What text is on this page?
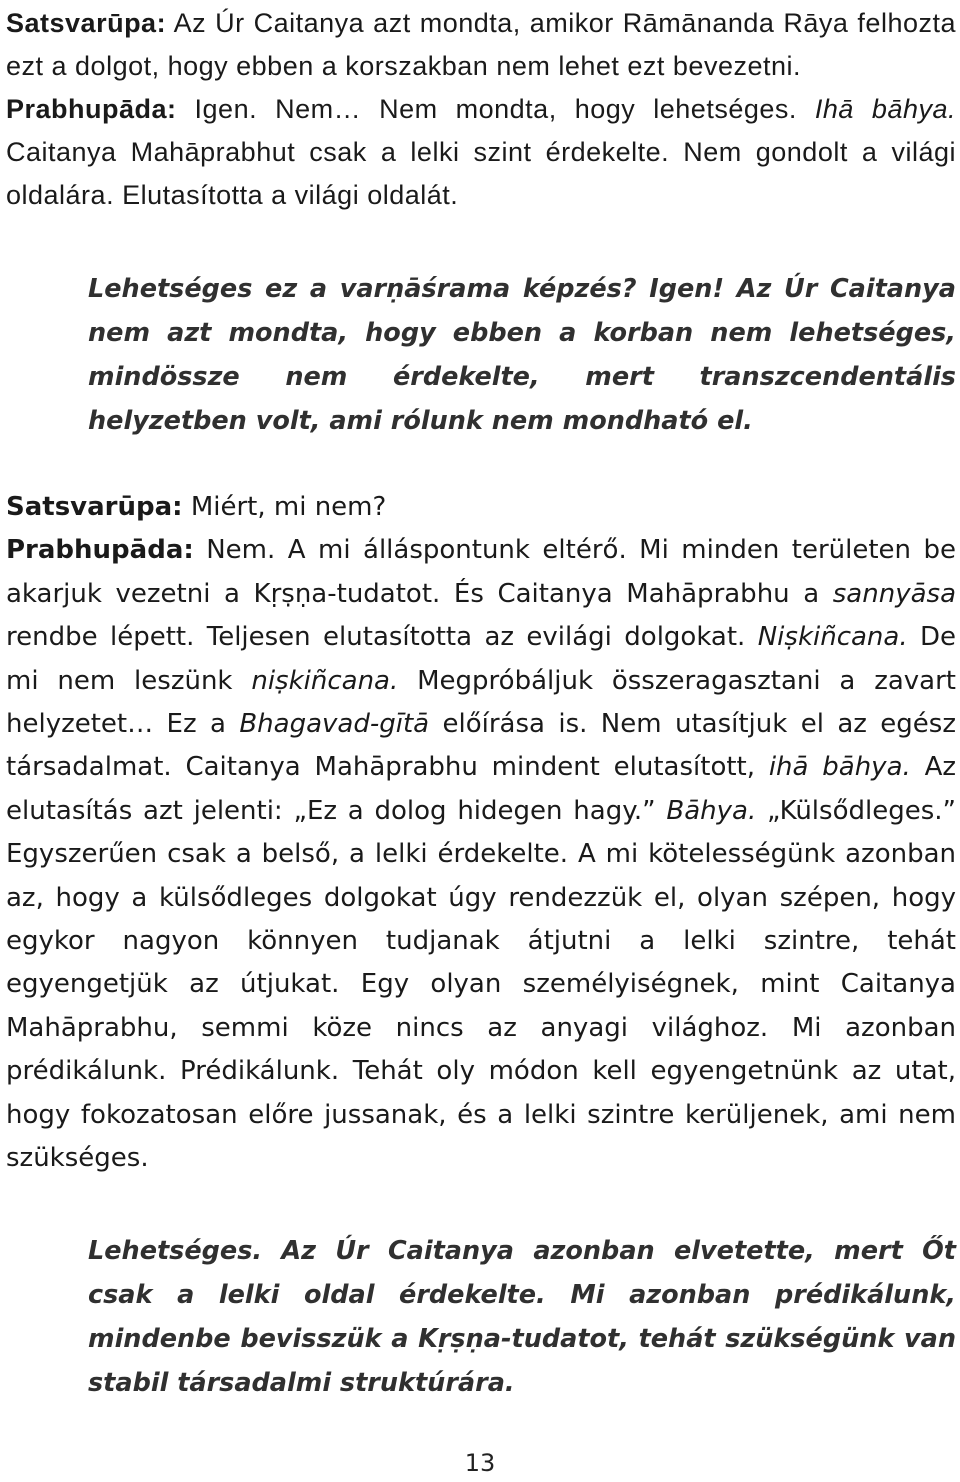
Satsvarūpa: Az Úr Caitanya azt mondta, amikor Rāmānanda Rāya felhozta ezt a dolgot, hogy ebben a korszakban nem lehet ezt bevezetni.
Prabhupāda: Igen. Nem… Nem mondta, hogy lehetséges. Ihā bāhya. Caitanya Mahāprabhut csak a lelki szint érdekelte. Nem gondolt a világi oldalára. Elutasította a világi oldalát.

Lehetséges ez a varṇāśrama képzés? Igen! Az Úr Caitanya nem azt mondta, hogy ebben a korban nem lehetséges, mindössze nem érdekelte, mert transzcendentális helyzetben volt, ami rólunk nem mondható el.

Satsvarūpa: Miért, mi nem?
Prabhupāda: Nem. A mi álláspontunk eltérő. Mi minden területen be akarjuk vezetni a Kṛṣṇa-tudatot. És Caitanya Mahāprabhu a sannyāsa rendbe lépett. Teljesen elutasította az evilági dolgokat. Niṣkiñcana. De mi nem leszünk niṣkiñcana. Megpróbáljuk összeragasztani a zavart helyzetet… Ez a Bhagavad-gītā előírása is. Nem utasítjuk el az egész társadalmat. Caitanya Mahāprabhu mindent elutasított, ihā bāhya. Az elutasítás azt jelenti: „Ez a dolog hidegen hagy.” Bāhya. „Külsődleges.” Egyszerűen csak a belső, a lelki érdekelte. A mi kötelességünk azonban az, hogy a külsődleges dolgokat úgy rendezzük el, olyan szépen, hogy egykor nagyon könnyen tudjanak átjutni a lelki szintre, tehát egyengetjük az útjukat. Egy olyan személyiségnek, mint Caitanya Mahāprabhu, semmi köze nincs az anyagi világhoz. Mi azonban prédikálunk. Prédikálunk. Tehát oly módon kell egyengetnünk az utat, hogy fokozatosan előre jussanak, és a lelki szintre kerüljenek, ami nem szükséges.

Lehetséges. Az Úr Caitanya azonban elvetette, mert Őt csak a lelki oldal érdekelte. Mi azonban prédikálunk, mindenbe bevisszük a Kṛṣṇa-tudatot, tehát szükségünk van stabil társadalmi struktúrára.

13
